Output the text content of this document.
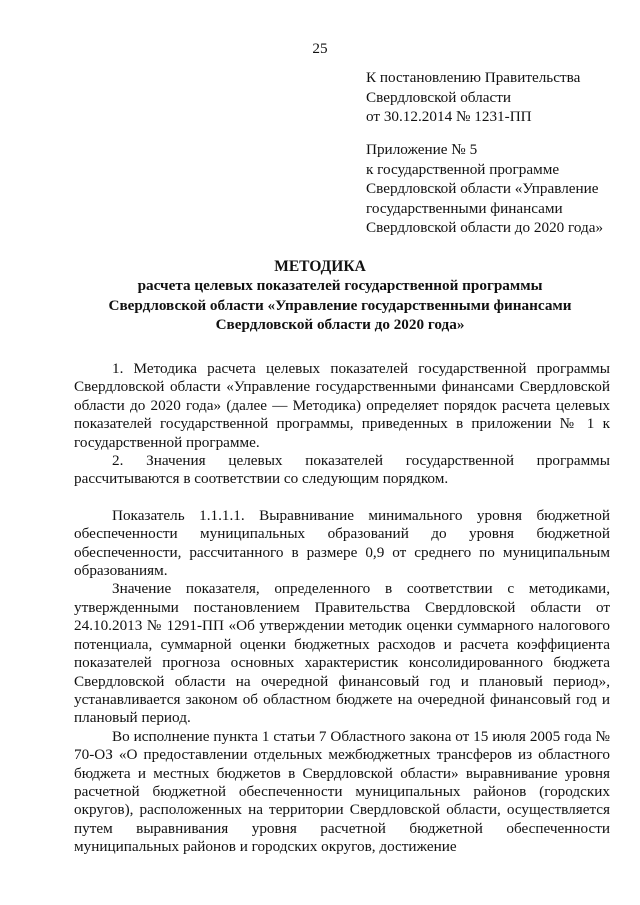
25
К постановлению Правительства
Свердловской области
от 30.12.2014 № 1231-ПП
Приложение № 5
к государственной программе
Свердловской области «Управление
государственными финансами
Свердловской области до 2020 года»
МЕТОДИКА
расчета целевых показателей государственной программы
Свердловской области «Управление государственными финансами
Свердловской области до 2020 года»

1. Методика расчета целевых показателей государственной программы Свердловской области «Управление государственными финансами Свердловской области до 2020 года» (далее — Методика) определяет порядок расчета целевых показателей государственной программы, приведенных в приложении № 1 к государственной программе.

2. Значения целевых показателей государственной программы рассчитываются в соответствии со следующим порядком.

Показатель 1.1.1.1. Выравнивание минимального уровня бюджетной обеспеченности муниципальных образований до уровня бюджетной обеспеченности, рассчитанного в размере 0,9 от среднего по муниципальным образованиям.

Значение показателя, определенного в соответствии с методиками, утвержденными постановлением Правительства Свердловской области от 24.10.2013 № 1291-ПП «Об утверждении методик оценки суммарного налогового потенциала, суммарной оценки бюджетных расходов и расчета коэффициента показателей прогноза основных характеристик консолидированного бюджета Свердловской области на очередной финансовый год и плановый период», устанавливается законом об областном бюджете на очередной финансовый год и плановый период.

Во исполнение пункта 1 статьи 7 Областного закона от 15 июля 2005 года № 70-ОЗ «О предоставлении отдельных межбюджетных трансферов из областного бюджета и местных бюджетов в Свердловской области» выравнивание уровня расчетной бюджетной обеспеченности муниципальных районов (городских округов), расположенных на территории Свердловской области, осуществляется путем выравнивания уровня расчетной бюджетной обеспеченности муниципальных районов и городских округов, достижение
